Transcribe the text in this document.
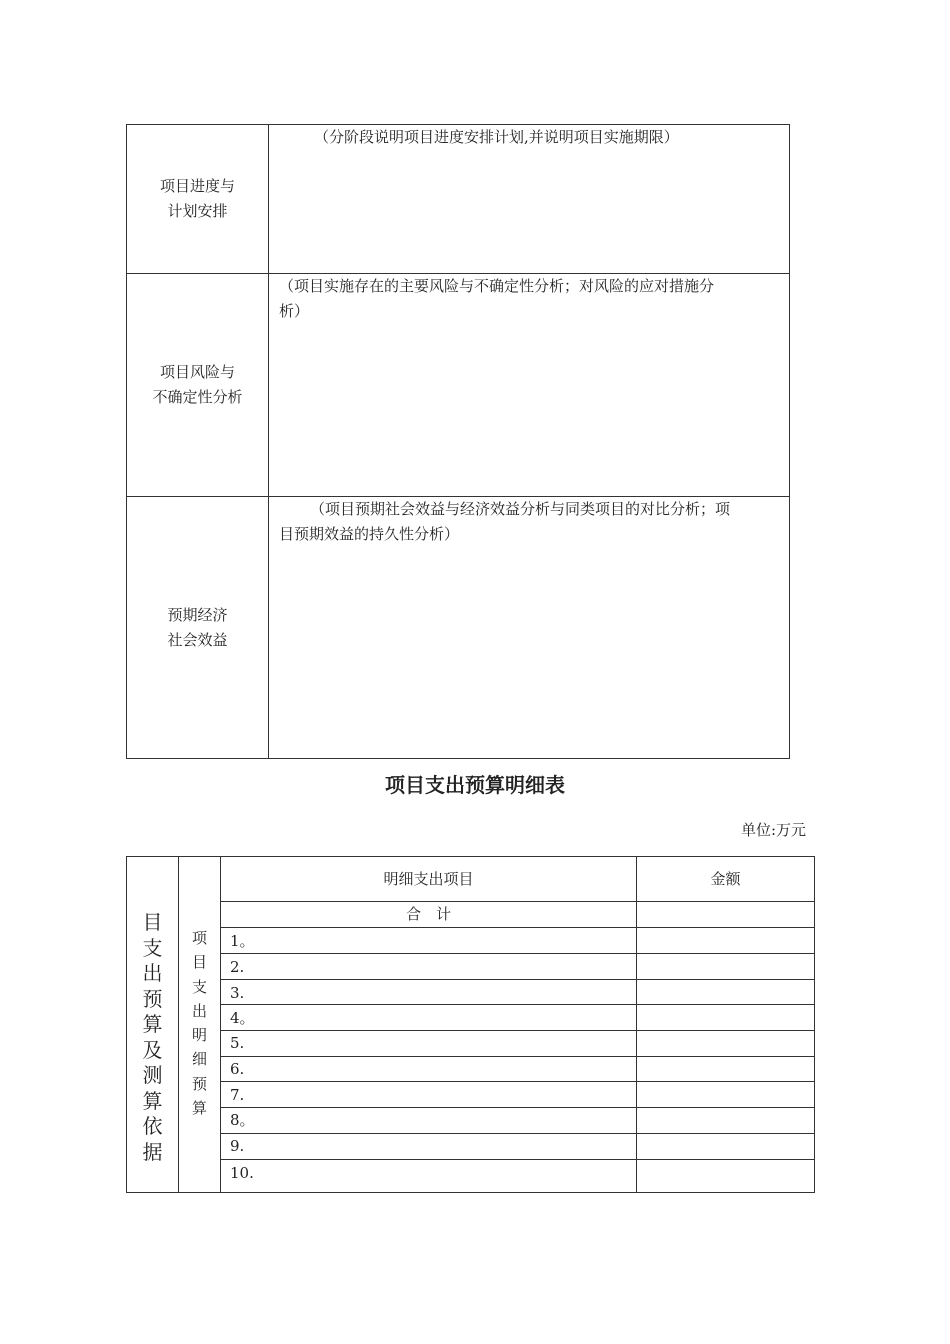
项目进度与
计划安排
（分阶段说明项目进度安排计划,并说明项目实施期限）
项目风险与
不确定性分析
（项目实施存在的主要风险与不确定性分析；对风险的应对措施分
析）
预期经济
社会效益
（项目预期社会效益与经济效益分析与同类项目的对比分析；项
目预期效益的持久性分析）
项目支出预算明细表
单位:万元
目
支
出
预
算
及
测
算
依
据
项
目
支
出
明
细
预
算
明细支出项目	金额
合　计
1。
2.
3.
4。
5.
6.
7.
8。
9.
10.
